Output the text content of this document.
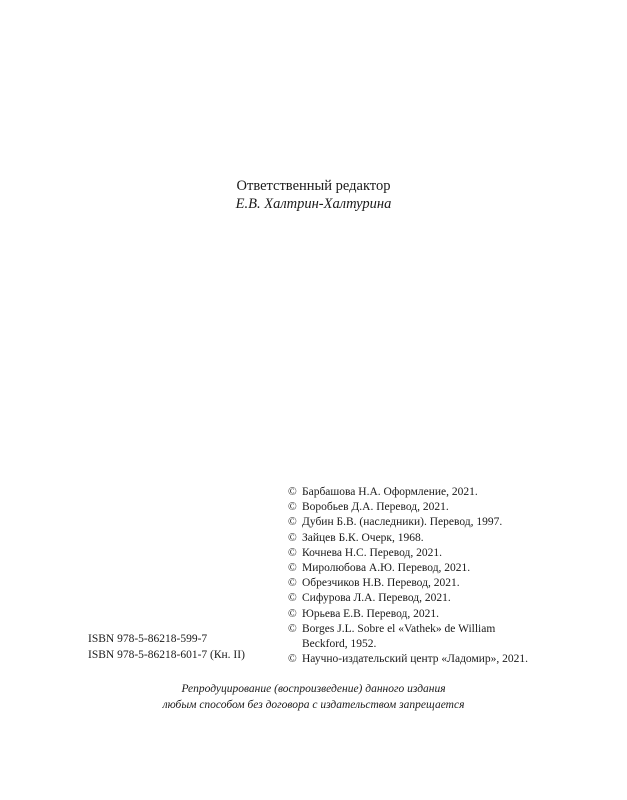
Ответственный редактор
Е.В. Халтрин-Халтурина
ISBN 978-5-86218-599-7
ISBN 978-5-86218-601-7 (Кн. II)
© Барбашова Н.А. Оформление, 2021.
© Воробьев Д.А. Перевод, 2021.
© Дубин Б.В. (наследники). Перевод, 1997.
© Зайцев Б.К. Очерк, 1968.
© Кочнева Н.С. Перевод, 2021.
© Миролюбова А.Ю. Перевод, 2021.
© Обрезчиков Н.В. Перевод, 2021.
© Сифурова Л.А. Перевод, 2021.
© Юрьева Е.В. Перевод, 2021.
© Borges J.L. Sobre el «Vathek» de William Beckford, 1952.
© Научно-издательский центр «Ладомир», 2021.
Репродуцирование (воспроизведение) данного издания
любым способом без договора с издательством запрещается
